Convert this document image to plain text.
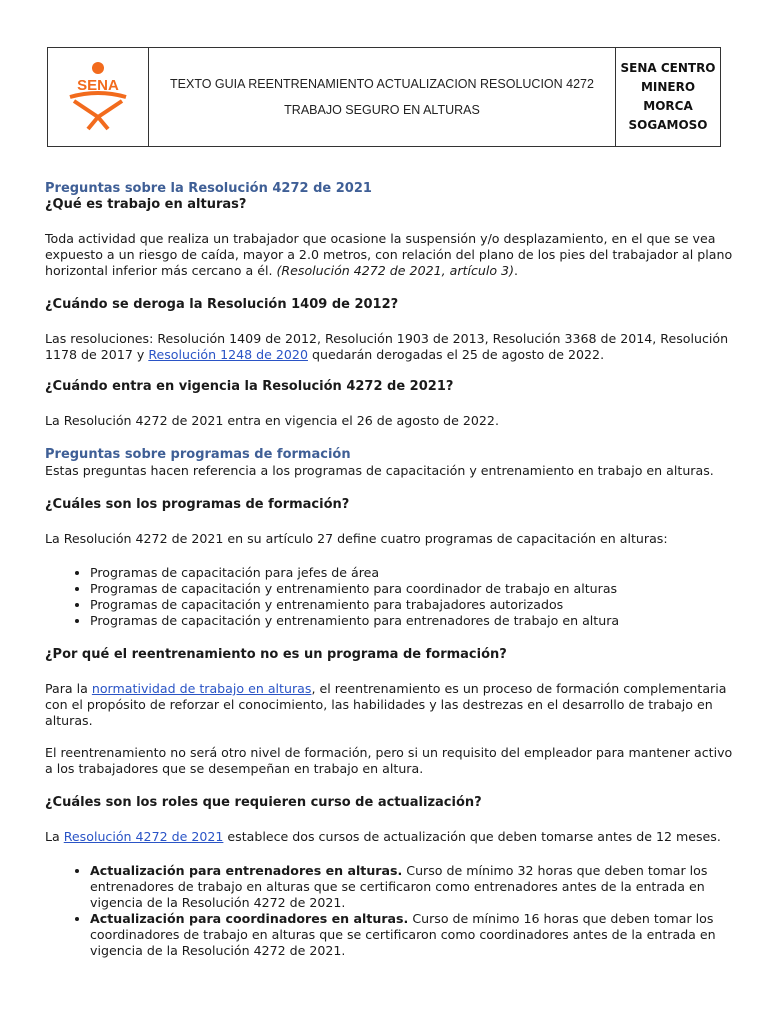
SENA	TEXTO GUIA REENTRENAMIENTO ACTUALIZACION RESOLUCION 4272
TRABAJO SEGURO EN ALTURAS

SENA CENTRO
MINERO
MORCA
SOGAMOSO

Preguntas sobre la Resolución 4272 de 2021

¿Qué es trabajo en alturas?

Toda actividad que realiza un trabajador que ocasione la suspensión y/o desplazamiento, en el que se vea expuesto a un riesgo de caída, mayor a 2.0 metros, con relación del plano de los pies del trabajador al plano horizontal inferior más cercano a él. (Resolución 4272 de 2021, artículo 3).

¿Cuándo se deroga la Resolución 1409 de 2012?

Las resoluciones: Resolución 1409 de 2012, Resolución 1903 de 2013, Resolución 3368 de 2014, Resolución 1178 de 2017 y Resolución 1248 de 2020 quedarán derogadas el 25 de agosto de 2022.

¿Cuándo entra en vigencia la Resolución 4272 de 2021?

La Resolución 4272 de 2021 entra en vigencia el 26 de agosto de 2022.

Preguntas sobre programas de formación

Estas preguntas hacen referencia a los programas de capacitación y entrenamiento en trabajo en alturas.

¿Cuáles son los programas de formación?

La Resolución 4272 de 2021 en su artículo 27 define cuatro programas de capacitación en alturas:

• Programas de capacitación para jefes de área
• Programas de capacitación y entrenamiento para coordinador de trabajo en alturas
• Programas de capacitación y entrenamiento para trabajadores autorizados
• Programas de capacitación y entrenamiento para entrenadores de trabajo en altura

¿Por qué el reentrenamiento no es un programa de formación?

Para la normatividad de trabajo en alturas, el reentrenamiento es un proceso de formación complementaria con el propósito de reforzar el conocimiento, las habilidades y las destrezas en el desarrollo de trabajo en alturas.

El reentrenamiento no será otro nivel de formación, pero si un requisito del empleador para mantener activo a los trabajadores que se desempeñan en trabajo en altura.

¿Cuáles son los roles que requieren curso de actualización?

La Resolución 4272 de 2021 establece dos cursos de actualización que deben tomarse antes de 12 meses.

• Actualización para entrenadores en alturas. Curso de mínimo 32 horas que deben tomar los entrenadores de trabajo en alturas que se certificaron como entrenadores antes de la entrada en vigencia de la Resolución 4272 de 2021.
• Actualización para coordinadores en alturas. Curso de mínimo 16 horas que deben tomar los coordinadores de trabajo en alturas que se certificaron como coordinadores antes de la entrada en vigencia de la Resolución 4272 de 2021.
